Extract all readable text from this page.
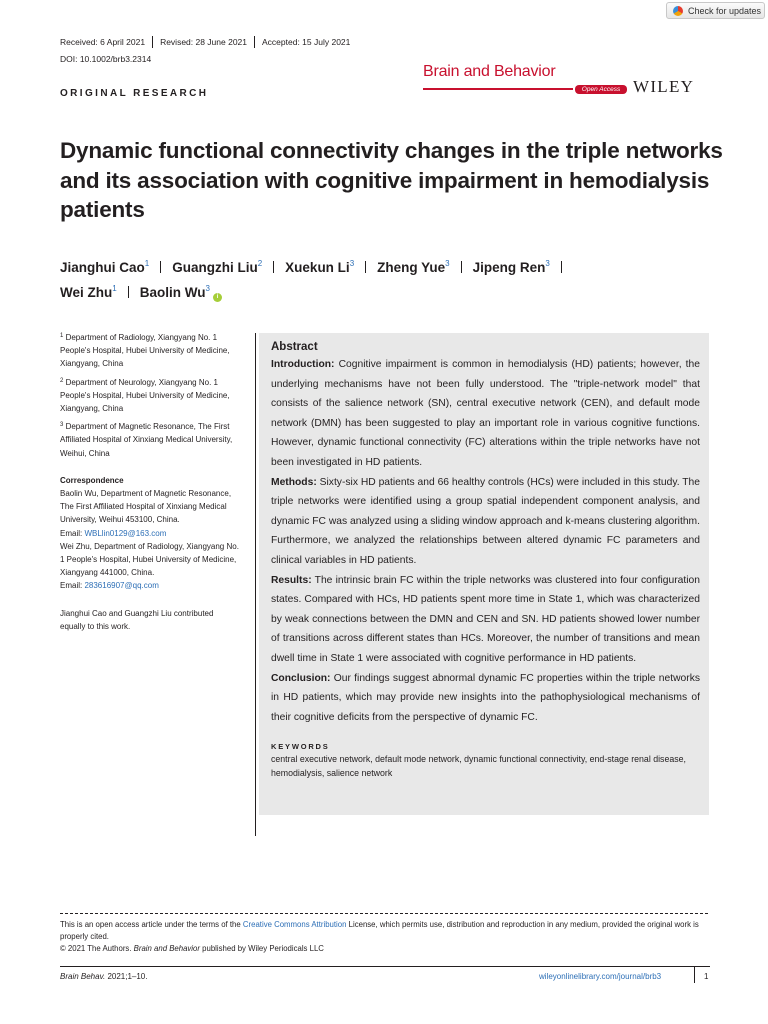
Check for updates
Received: 6 April 2021 Revised: 28 June 2021 Accepted: 15 July 2021
DOI: 10.1002/brb3.2314
Brain and Behavior
Open Access WILEY
ORIGINAL RESEARCH
Dynamic functional connectivity changes in the triple networks and its association with cognitive impairment in hemodialysis patients
Jianghui Cao$^1$ Guangzhi Liu$^2$ Xuekun Li$^3$ Zheng Yue$^3$ Jipeng Ren$^3$
Wei Zhu$^1$ Baolin Wu$^3$i

$^1$ Department of Radiology, Xiangyang No. 1 People's Hospital, Hubei University of Medicine, Xiangyang, China

$^2$ Department of Neurology, Xiangyang No. 1 People's Hospital, Hubei University of Medicine, Xiangyang, China

$^3$ Department of Magnetic Resonance, The First Affiliated Hospital of Xinxiang Medical University, Weihui, China

Correspondence

Baolin Wu, Department of Magnetic Resonance, The First Affiliated Hospital of Xinxiang Medical University, Weihui 453100, China.
Email: WBLlin0129@163.com

Wei Zhu, Department of Radiology, Xiangyang No. 1 People's Hospital, Hubei University of Medicine, Xiangyang 441000, China.
Email: 283616907@qq.com

Jianghui Cao and Guangzhi Liu contributed equally to this work.

Abstract

Introduction: Cognitive impairment is common in hemodialysis (HD) patients; however, the underlying mechanisms have not been fully understood. The "triple-network model" that consists of the salience network (SN), central executive network (CEN), and default mode network (DMN) has been suggested to play an important role in various cognitive functions. However, dynamic functional connectivity (FC) alterations within the triple networks have not been investigated in HD patients.

Methods: Sixty-six HD patients and 66 healthy controls (HCs) were included in this study. The triple networks were identified using a group spatial independent component analysis, and dynamic FC was analyzed using a sliding window approach and k-means clustering algorithm. Furthermore, we analyzed the relationships between altered dynamic FC parameters and clinical variables in HD patients.

Results: The intrinsic brain FC within the triple networks was clustered into four configuration states. Compared with HCs, HD patients spent more time in State 1, which was characterized by weak connections between the DMN and CEN and SN. HD patients showed lower number of transitions across different states than HCs. Moreover, the number of transitions and mean dwell time in State 1 were associated with cognitive performance in HD patients.

Conclusion: Our findings suggest abnormal dynamic FC properties within the triple networks in HD patients, which may provide new insights into the pathophysiological mechanisms of their cognitive deficits from the perspective of dynamic FC.

KEYWORDS
central executive network, default mode network, dynamic functional connectivity, end-stage renal disease, hemodialysis, salience network

This is an open access article under the terms of the Creative Commons Attribution License, which permits use, distribution and reproduction in any medium, provided the original work is properly cited.

© 2021 The Authors. Brain and Behavior published by Wiley Periodicals LLC

Brain Behav. 2021;1–10.	wileyonlinelibrary.com/journal/brb3	1
